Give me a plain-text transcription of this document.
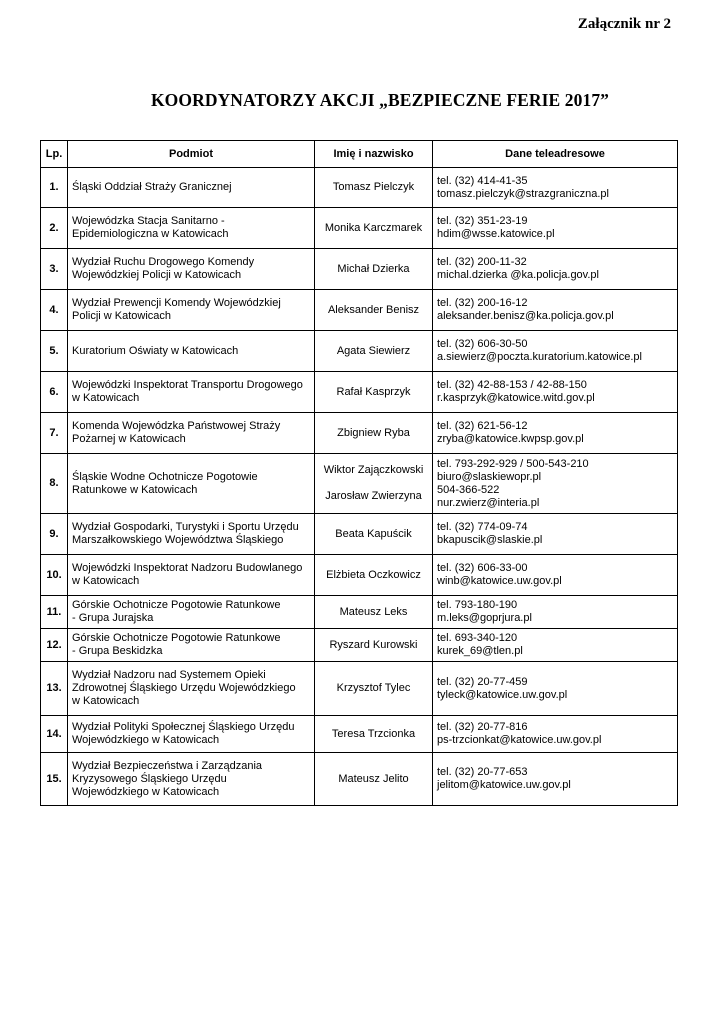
Załącznik nr 2
KOORDYNATORZY AKCJI „BEZPIECZNE FERIE 2017”
Lp.	Podmiot	Imię i nazwisko	Dane teleadresowe
1.	Śląski Oddział Straży Granicznej	Tomasz Pielczyk	tel. (32) 414-41-35
tomasz.pielczyk@strazgraniczna.pl

2.	Wojewódzka Stacja Sanitarno -
Epidemiologiczna w Katowicach	Monika Karczmarek	tel. (32) 351-23-19
hdim@wsse.katowice.pl

3.	Wydział Ruchu Drogowego Komendy
Wojewódzkiej Policji w Katowicach	Michał Dzierka	tel. (32) 200-11-32
michal.dzierka @ka.policja.gov.pl

4.	Wydział Prewencji Komendy Wojewódzkiej
Policji w Katowicach	Aleksander Benisz	tel. (32) 200-16-12
aleksander.benisz@ka.policja.gov.pl

5.	Kuratorium Oświaty w Katowicach	Agata Siewierz	tel. (32) 606-30-50
a.siewierz@poczta.kuratorium.katowice.pl

6.	Wojewódzki Inspektorat Transportu Drogowego
w Katowicach	Rafał Kasprzyk	tel. (32) 42-88-153 / 42-88-150
r.kasprzyk@katowice.witd.gov.pl

7.	Komenda Wojewódzka Państwowej Straży
Pożarnej w Katowicach	Zbigniew Ryba	tel. (32) 621-56-12
zryba@katowice.kwpsp.gov.pl

8.	Śląskie Wodne Ochotnicze Pogotowie
Ratunkowe w Katowicach	Wiktor Zajączkowski
Jarosław Zwierzyna	tel. 793-292-929 / 500-543-210
biuro@slaskiewopr.pl
504-366-522
nur.zwierz@interia.pl

9.	Wydział Gospodarki, Turystyki i Sportu Urzędu
Marszałkowskiego Województwa Śląskiego	Beata Kapuścik	tel. (32) 774-09-74
bkapuscik@slaskie.pl

10.	Wojewódzki Inspektorat Nadzoru Budowlanego
w Katowicach	Elżbieta Oczkowicz	tel. (32) 606-33-00
winb@katowice.uw.gov.pl

11.	Górskie Ochotnicze Pogotowie Ratunkowe
- Grupa Jurajska	Mateusz Leks	tel. 793-180-190
m.leks@goprjura.pl

12.	Górskie Ochotnicze Pogotowie Ratunkowe
- Grupa Beskidzka	Ryszard Kurowski	tel. 693-340-120
kurek_69@tlen.pl

13.	Wydział Nadzoru nad Systemem Opieki
Zdrowotnej Śląskiego Urzędu Wojewódzkiego
w Katowicach	Krzysztof Tylec	tel. (32) 20-77-459
tyleck@katowice.uw.gov.pl

14.	Wydział Polityki Społecznej Śląskiego Urzędu
Wojewódzkiego w Katowicach	Teresa Trzcionka	tel. (32) 20-77-816
ps-trzcionkat@katowice.uw.gov.pl

15.	Wydział Bezpieczeństwa i Zarządzania
Kryzysowego Śląskiego Urzędu
Wojewódzkiego w Katowicach	Mateusz Jelito	tel. (32) 20-77-653
jelitom@katowice.uw.gov.pl
